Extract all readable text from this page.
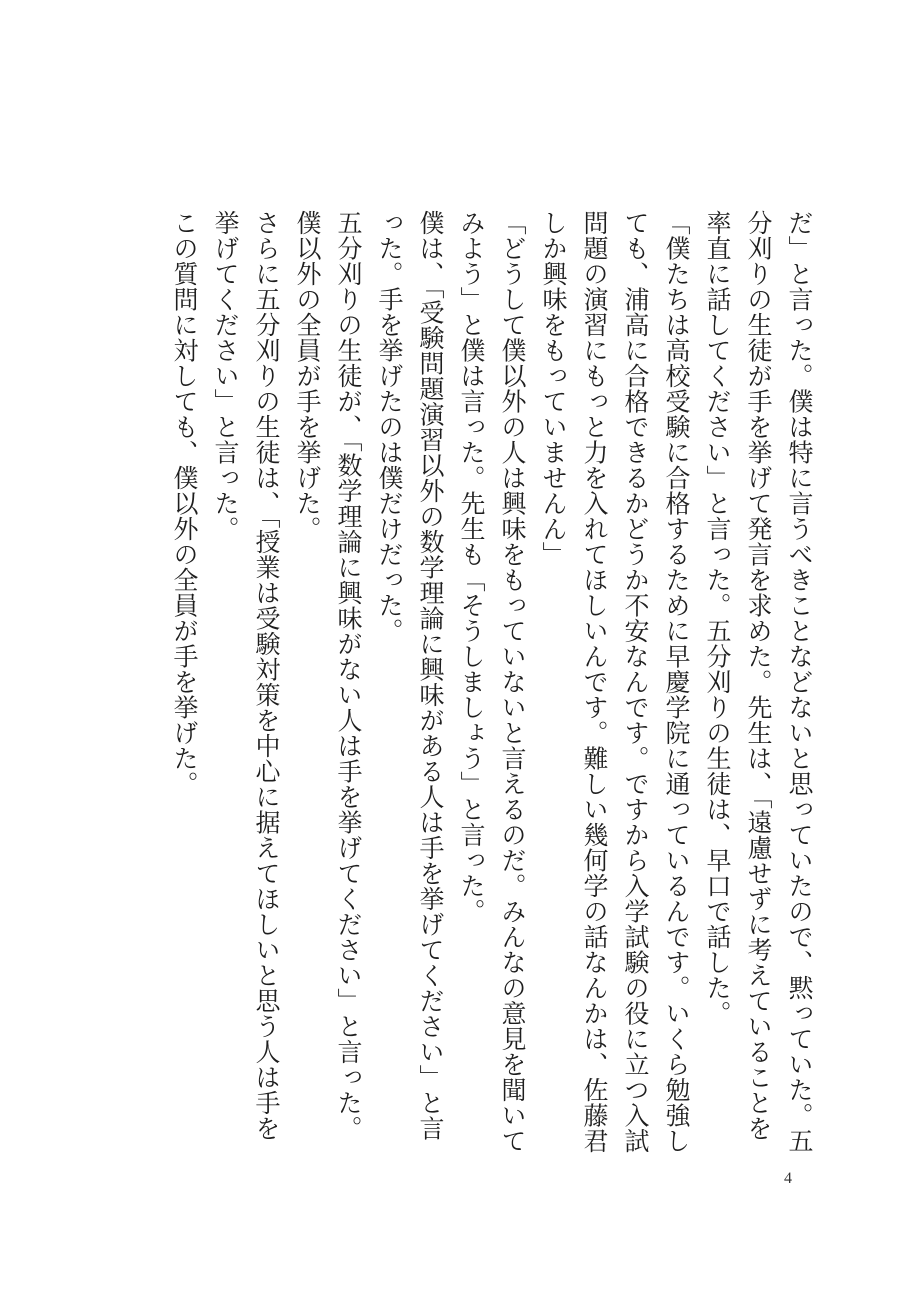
だ」と言った。僕は特に言うべきことなどないと思っていたので、黙っていた。五分刈りの生徒が手を挙げて発言を求めた。先生は、「遠慮せずに考えていることを率直に話してください」と言った。五分刈りの生徒は、早口で話した。

「僕たちは高校受験に合格するために早慶学院に通っているんです。いくら勉強しても、浦高に合格できるかどうか不安なんです。ですから入学試験の役に立つ入試問題の演習にもっと力を入れてほしいんです。難しい幾何学の話なんかは、佐藤君しか興味をもっていませんん」

「どうして僕以外の人は興味をもっていないと言えるのだ。みんなの意見を聞いてみよう」と僕は言った。先生も「そうしましょう」と言った。

僕は、「受験問題演習以外の数学理論に興味がある人は手を挙げてください」と言った。手を挙げたのは僕だけだった。

五分刈りの生徒が、「数学理論に興味がない人は手を挙げてください」と言った。僕以外の全員が手を挙げた。

さらに五分刈りの生徒は、「授業は受験対策を中心に据えてほしいと思う人は手を挙げてください」と言った。

この質問に対しても、僕以外の全員が手を挙げた。

4
